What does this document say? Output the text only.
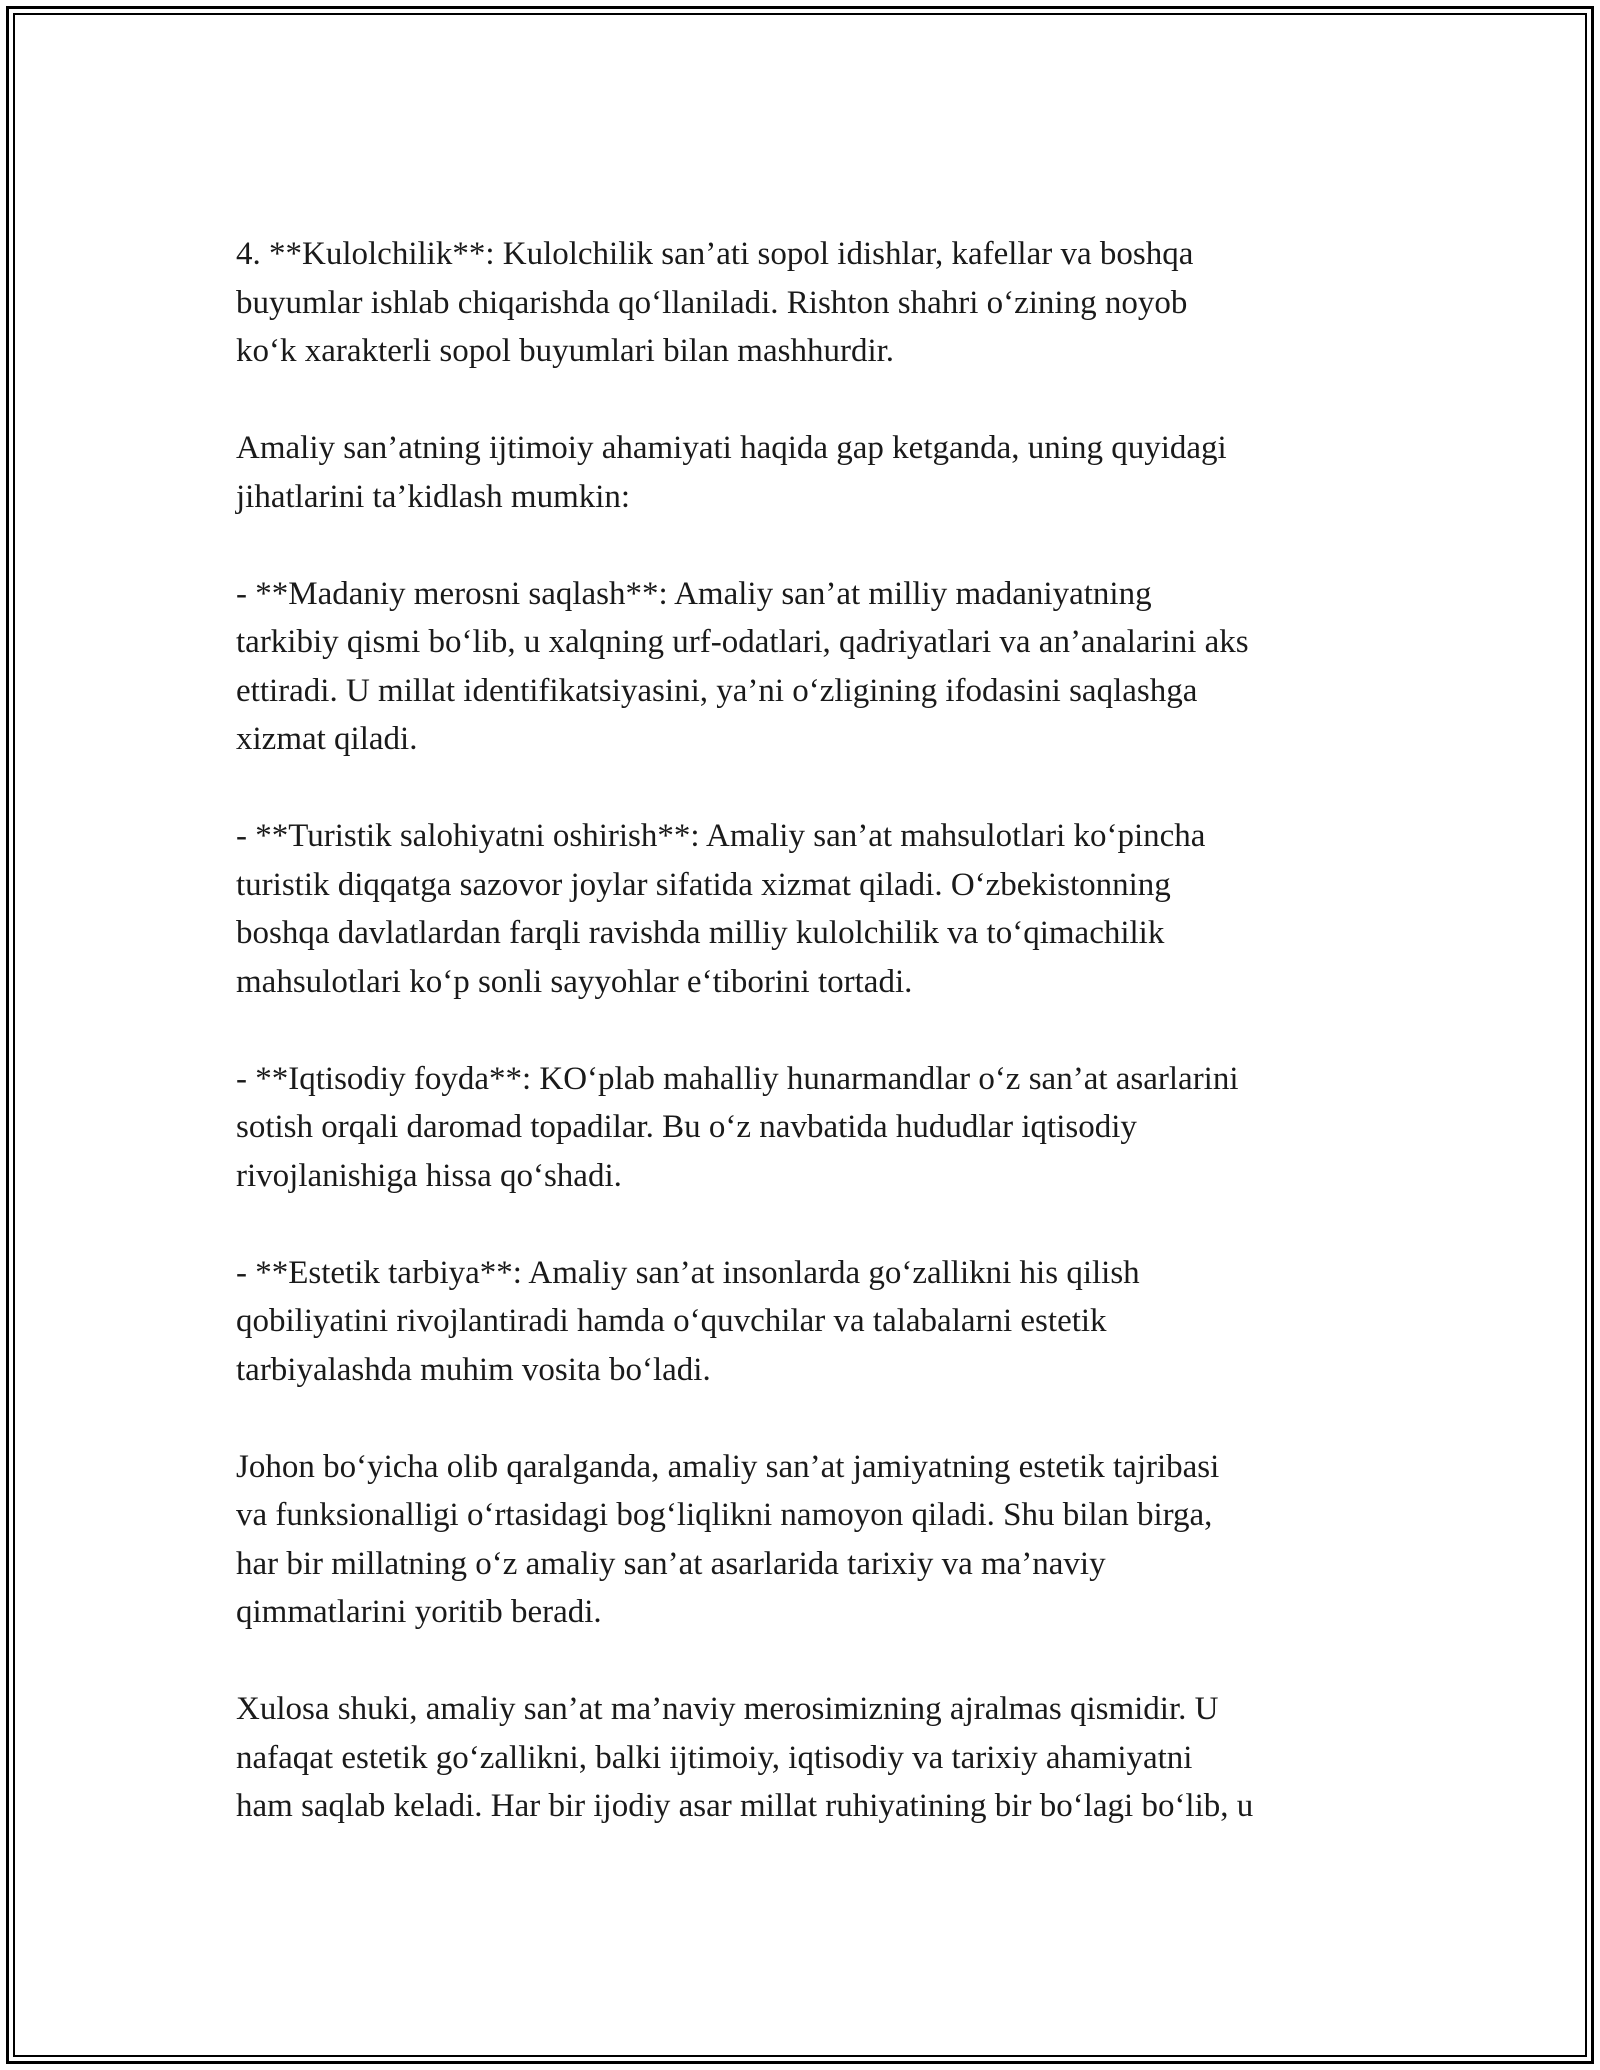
4. **Kulolchilik**: Kulolchilik san’ati sopol idishlar, kafellar va boshqa
buyumlar ishlab chiqarishda qo‘llaniladi. Rishton shahri o‘zining noyob
ko‘k xarakterli sopol buyumlari bilan mashhurdir.

Amaliy san’atning ijtimoiy ahamiyati haqida gap ketganda, uning quyidagi
jihatlarini ta’kidlash mumkin:

- **Madaniy merosni saqlash**: Amaliy san’at milliy madaniyatning
tarkibiy qismi bo‘lib, u xalqning urf-odatlari, qadriyatlari va an’analarini aks
ettiradi. U millat identifikatsiyasini, ya’ni o‘zligining ifodasini saqlashga
xizmat qiladi.

- **Turistik salohiyatni oshirish**: Amaliy san’at mahsulotlari ko‘pincha
turistik diqqatga sazovor joylar sifatida xizmat qiladi. O‘zbekistonning
boshqa davlatlardan farqli ravishda milliy kulolchilik va to‘qimachilik
mahsulotlari ko‘p sonli sayyohlar e‘tiborini tortadi.

- **Iqtisodiy foyda**: KO‘plab mahalliy hunarmandlar o‘z san’at asarlarini
sotish orqali daromad topadilar. Bu o‘z navbatida hududlar iqtisodiy
rivojlanishiga hissa qo‘shadi.

- **Estetik tarbiya**: Amaliy san’at insonlarda go‘zallikni his qilish
qobiliyatini rivojlantiradi hamda o‘quvchilar va talabalarni estetik
tarbiyalashda muhim vosita bo‘ladi.

Johon bo‘yicha olib qaralganda, amaliy san’at jamiyatning estetik tajribasi
va funksionalligi o‘rtasidagi bog‘liqlikni namoyon qiladi. Shu bilan birga,
har bir millatning o‘z amaliy san’at asarlarida tarixiy va ma’naviy
qimmatlarini yoritib beradi.

Xulosa shuki, amaliy san’at ma’naviy merosimizning ajralmas qismidir. U
nafaqat estetik go‘zallikni, balki ijtimoiy, iqtisodiy va tarixiy ahamiyatni
ham saqlab keladi. Har bir ijodiy asar millat ruhiyatining bir bo‘lagi bo‘lib, u
